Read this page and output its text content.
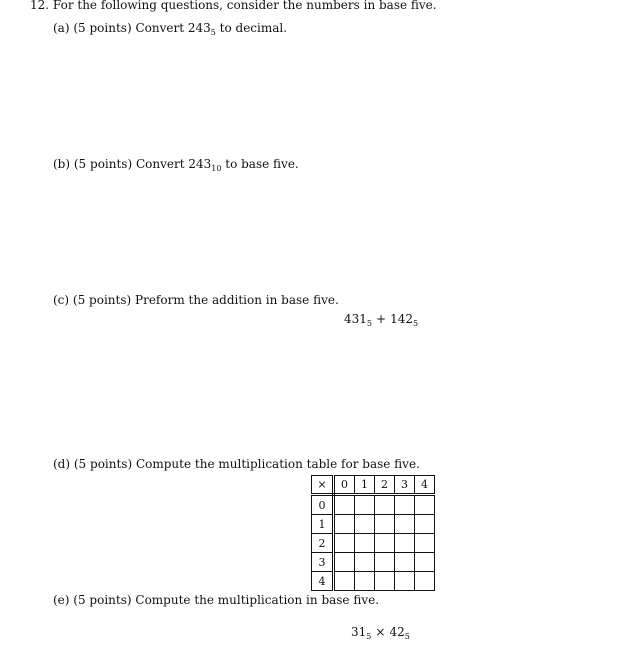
12. For the following questions, consider the numbers in base five.
(a) (5 points) Convert $243_5$ to decimal.
(b) (5 points) Convert $243_{10}$ to base five.
(c) (5 points) Preform the addition in base five.
$431_5 + 142_5$
(d) (5 points) Compute the multiplication table for base five.
×	0	1	2	3	4
0					
1					
2					
3					
4					
(e) (5 points) Compute the multiplication in base five.
$31_5 \times 42_5$
